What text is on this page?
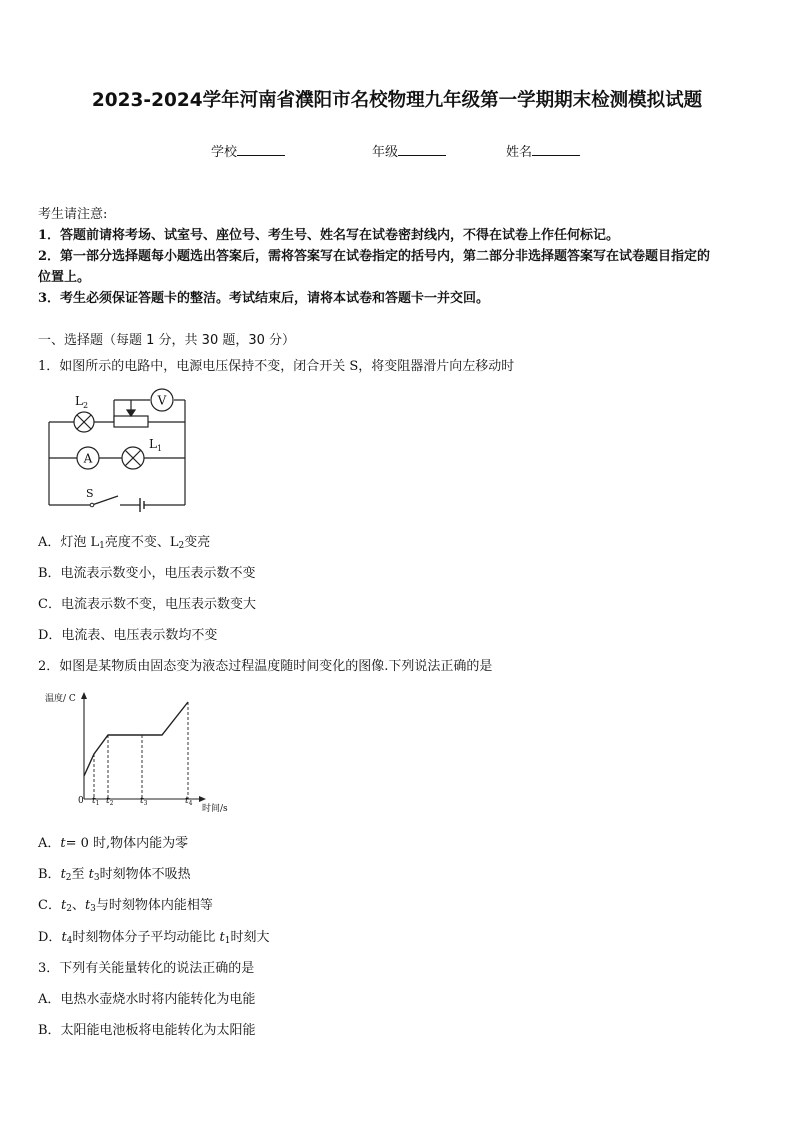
2023-2024学年河南省濮阳市名校物理九年级第一学期期末检测模拟试题
学校	年级	姓名
考生请注意:
1．答题前请将考场、试室号、座位号、考生号、姓名写在试卷密封线内，不得在试卷上作任何标记。
2．第一部分选择题每小题选出答案后，需将答案写在试卷指定的括号内，第二部分非选择题答案写在试卷题目指定的
位置上。
3．考生必须保证答题卡的整洁。考试结束后，请将本试卷和答题卡一并交回。
一、选择题（每题 1 分，共 30 题，30 分）
1．如图所示的电路中，电源电压保持不变，闭合开关 S，将变阻器滑片向左移动时
V
A
$L_2$
$L_1$
S
A．灯泡 $L_1$亮度不变、$L_2$变亮
B．电流表示数变小，电压表示数不变
C．电流表示数不变，电压表示数变大
D．电流表、电压表示数均不变
2．如图是某物质由固态变为液态过程温度随时间变化的图像.下列说法正确的是
温度/ C
0 $t_1$ $t_2$	$t_3$	$t_4$
时间/s
A．t= 0 时,物体内能为零
B．$t_2$至 $t_3$时刻物体不吸热
C．$t_2$、$t_3$与时刻物体内能相等
D．$t_4$时刻物体分子平均动能比 $t_1$时刻大
3．下列有关能量转化的说法正确的是
A．电热水壶烧水时将内能转化为电能
B．太阳能电池板将电能转化为太阳能
